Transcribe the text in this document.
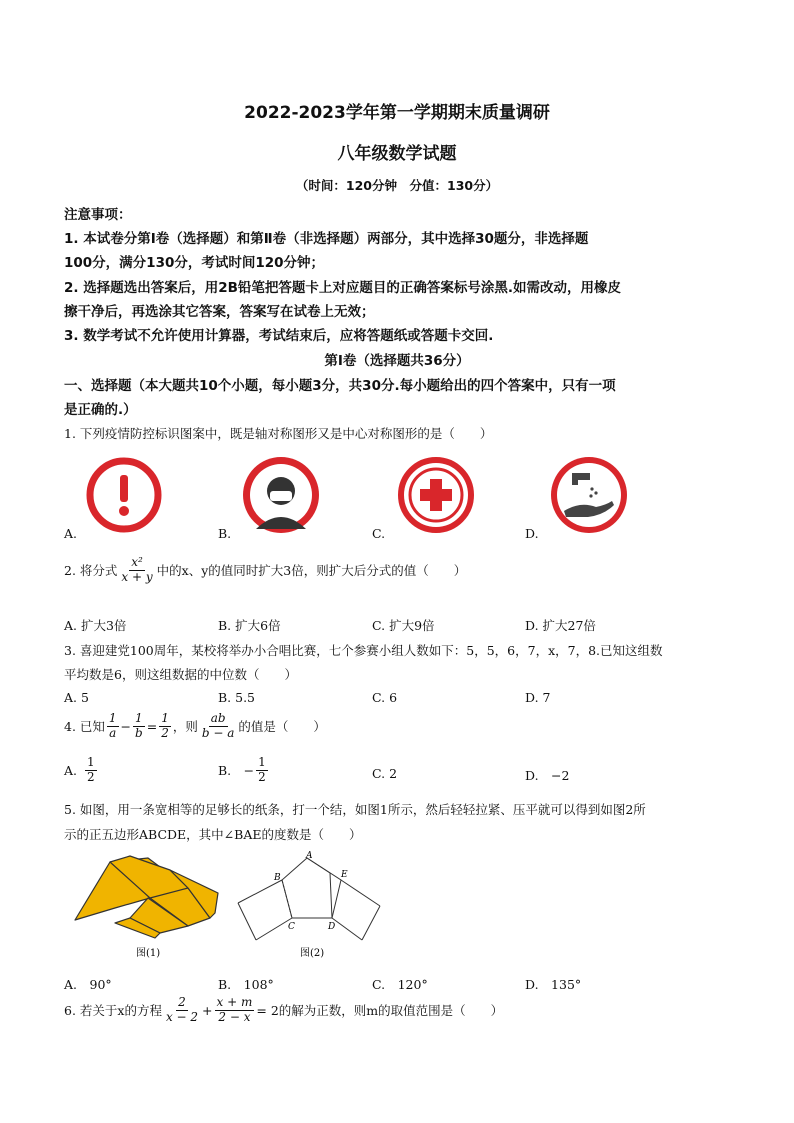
2022-2023学年第一学期期末质量调研
八年级数学试题
（时间：120分钟　分值：130分）
注意事项：
1. 本试卷分第Ⅰ卷（选择题）和第Ⅱ卷（非选择题）两部分，其中选择30题分，非选择题
100分，满分130分，考试时间120分钟；
2. 选择题选出答案后，用2B铅笔把答题卡上对应题目的正确答案标号涂黑.如需改动，用橡皮
擦干净后，再选涂其它答案，答案写在试卷上无效；
3. 数学考试不允许使用计算器，考试结束后，应将答题纸或答题卡交回.
第Ⅰ卷（选择题共36分）
一、选择题（本大题共10个小题，每小题3分，共30分.每小题给出的四个答案中，只有一项
是正确的.）
1. 下列疫情防控标识图案中，既是轴对称图形又是中心对称图形的是（　　）
A.	B.	C.	D.
2. 将分式 $\frac{\text{x²}}{x + y}$ 中的x、y的值同时扩大3倍，则扩大后分式的值（　　）
A. 扩大3倍	B. 扩大6倍	C. 扩大9倍	D. 扩大27倍
3. 喜迎建党100周年，某校将举办小合唱比赛，七个参赛小组人数如下：5，5，6，7，x，7，8.已知这组数
平均数是6，则这组数据的中位数（　　）
A. 5	B. 5.5	C. 6	D. 7
4. 已知 $\frac{1}{a} - \frac{1}{b} = \frac{1}{2}$ ，则 $\frac{ab}{b - a}$ 的值是（　　）
A. $\frac{1}{2}$	B.　− $\frac{1}{2}$	C. 2	D.　−2
5. 如图，用一条宽相等的足够长的纸条，打一个结，如图1所示，然后轻轻拉紧、压平就可以得到如图2所
示的正五边形ABCDE，其中∠BAE的度数是（　　）
图(1)
A
B
C	D
E
图(2)
A.　90°	B.　108°	C.　120°	D.　135°
6. 若关于x的方程 $\frac{2}{x - 2} + \frac{x + m}{2 - x} = 2$的解为正数，则m的取值范围是（　　）
